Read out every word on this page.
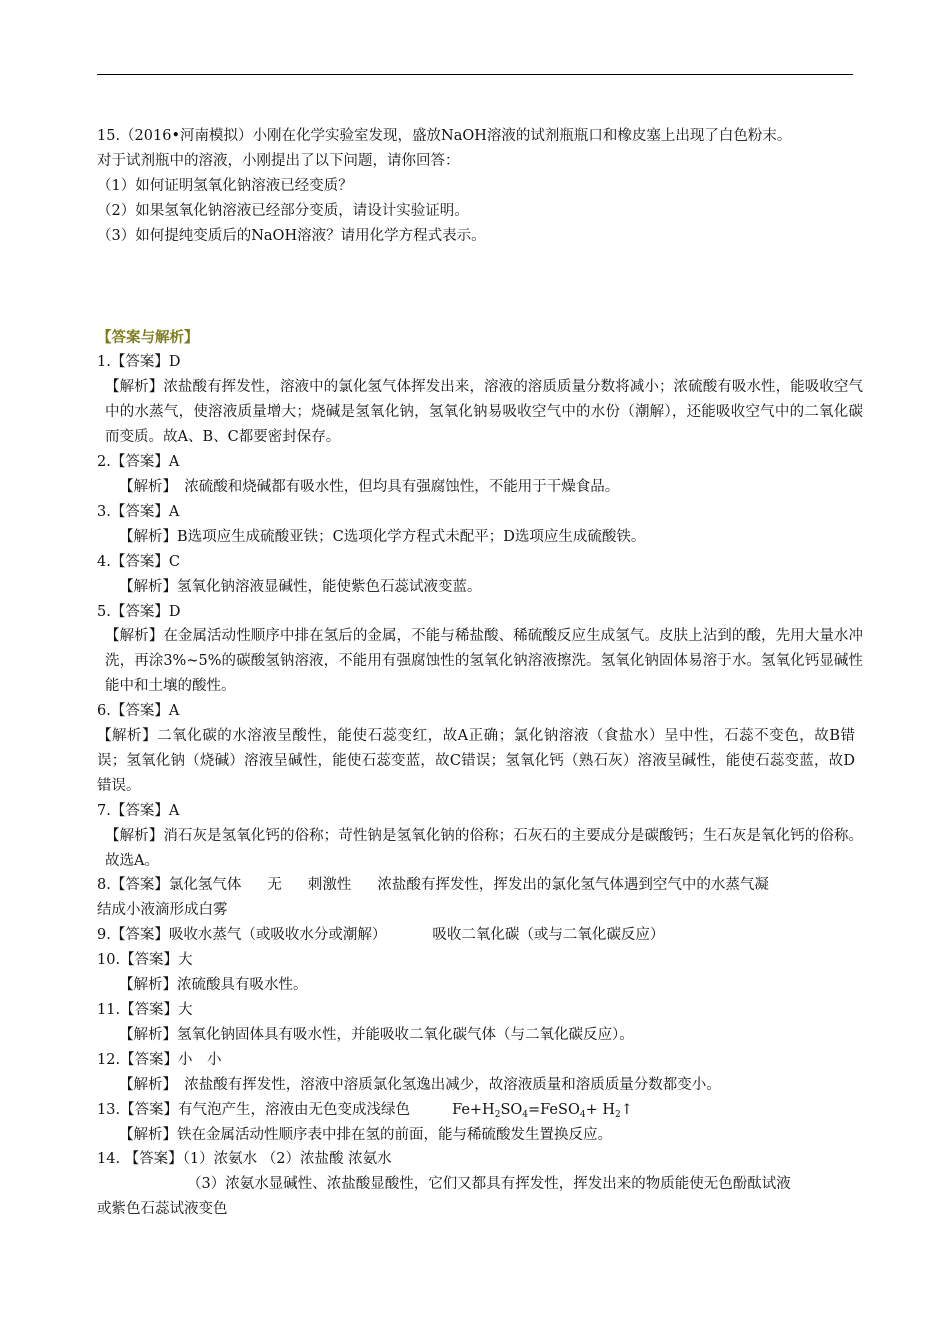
15.（2016•河南模拟）小刚在化学实验室发现，盛放NaOH溶液的试剂瓶瓶口和橡皮塞上出现了白色粉末。

对于试剂瓶中的溶液，小刚提出了以下问题，请你回答：

（1）如何证明氢氧化钠溶液已经变质？

（2）如果氢氧化钠溶液已经部分变质，请设计实验证明。

（3）如何提纯变质后的NaOH溶液？请用化学方程式表示。

【答案与解析】

1.【答案】D

【解析】浓盐酸有挥发性，溶液中的氯化氢气体挥发出来，溶液的溶质质量分数将减小；浓硫酸有吸水性，能吸收空气中的水蒸气，使溶液质量增大；烧碱是氢氧化钠，氢氧化钠易吸收空气中的水份（潮解），还能吸收空气中的二氧化碳而变质。故A、B、C都要密封保存。

2.【答案】A

【解析】　浓硫酸和烧碱都有吸水性，但均具有强腐蚀性，不能用于干燥食品。

3.【答案】A

【解析】B选项应生成硫酸亚铁；C选项化学方程式未配平；D选项应生成硫酸铁。

4.【答案】C

【解析】氢氧化钠溶液显碱性，能使紫色石蕊试液变蓝。

5.【答案】D

【解析】在金属活动性顺序中排在氢后的金属，不能与稀盐酸、稀硫酸反应生成氢气。皮肤上沾到的酸，先用大量水冲洗，再涂3%~5%的碳酸氢钠溶液，不能用有强腐蚀性的氢氧化钠溶液擦洗。氢氧化钠固体易溶于水。氢氧化钙显碱性能中和土壤的酸性。

6.【答案】A

【解析】二氧化碳的水溶液呈酸性，能使石蕊变红，故A正确；氯化钠溶液（食盐水）呈中性，石蕊不变色，故B错误；氢氧化钠（烧碱）溶液呈碱性，能使石蕊变蓝，故C错误；氢氧化钙（熟石灰）溶液呈碱性，能使石蕊变蓝，故D错误。

7.【答案】A

【解析】消石灰是氢氧化钙的俗称；苛性钠是氢氧化钠的俗称；石灰石的主要成分是碳酸钙；生石灰是氧化钙的俗称。故选A。

8.【答案】氯化氢气体 无 刺激性 浓盐酸有挥发性，挥发出的氯化氢气体遇到空气中的水蒸气凝

结成小液滴形成白雾

9.【答案】吸收水蒸气（或吸收水分或潮解）	吸收二氧化碳（或与二氧化碳反应）

10.【答案】大

【解析】浓硫酸具有吸水性。

11.【答案】大

【解析】氢氧化钠固体具有吸水性，并能吸收二氧化碳气体（与二氧化碳反应）。

12.【答案】小　小

【解析】　浓盐酸有挥发性，溶液中溶质氯化氢逸出减少，故溶液质量和溶质质量分数都变小。

13.【答案】有气泡产生，溶液由无色变成浅绿色	$Fe+H_2SO_4=FeSO_4+$ $H_2↑$

【解析】铁在金属活动性顺序表中排在氢的前面，能与稀硫酸发生置换反应。

14. 【答案】（1）浓氨水 （2）浓盐酸 浓氨水

（3）浓氨水显碱性、浓盐酸显酸性，它们又都具有挥发性，挥发出来的物质能使无色酚酞试液

或紫色石蕊试液变色
